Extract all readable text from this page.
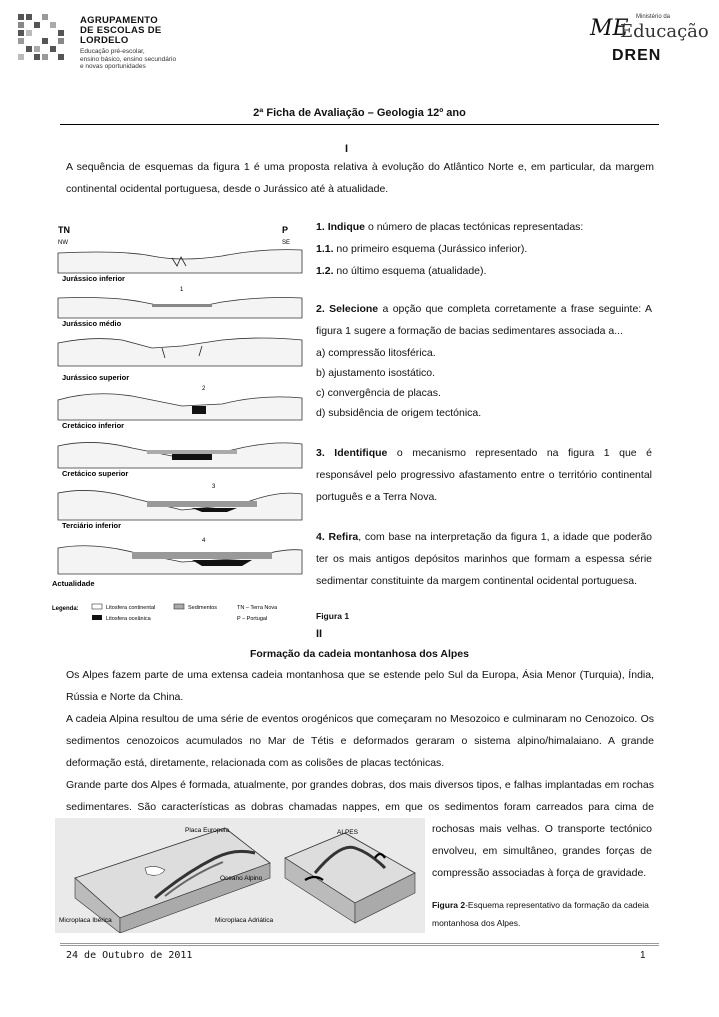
AGRUPAMENTO
DE ESCOLAS DE
LORDELO
Educação pré-escolar,
ensino básico, ensino secundário
e novas oportunidades
ME Ministério da
Educação
DREN
2ª Ficha de Avaliação – Geologia 12º ano
I
A sequência de esquemas da figura 1 é uma proposta relativa à evolução do Atlântico Norte e, em particular, da margem continental ocidental portuguesa, desde o Jurássico até à atualidade.
TN
NW
P
SE
Jurássico inferior
1
Jurássico médio
Jurássico superior
2
Cretácico inferior
Cretácico superior
3
Terciário inferior
4
Actualidade
Legenda:	Litosfera continental
Litosfera oceânica
Sedimentos	TN – Terra Nova
P – Portugal
1. Indique o número de placas tectónicas representadas:
1.1. no primeiro esquema (Jurássico inferior).
1.2. no último esquema (atualidade).
2. Selecione a opção que completa corretamente a frase seguinte: A figura 1 sugere a formação de bacias sedimentares associada a...
a) compressão litosférica.
b) ajustamento isostático.
c) convergência de placas.
d) subsidência de origem tectónica.
3. Identifique o mecanismo representado na figura 1 que é responsável pelo progressivo afastamento entre o território continental português e a Terra Nova.
4. Refira, com base na interpretação da figura 1, a idade que poderão ter os mais antigos depósitos marinhos que formam a espessa série sedimentar constituinte da margem continental ocidental portuguesa.
Figura 1
II
Formação da cadeia montanhosa dos Alpes
Os Alpes fazem parte de uma extensa cadeia montanhosa que se estende pelo Sul da Europa, Ásia Menor (Turquia), Índia, Rússia e Norte da China.
A cadeia Alpina resultou de uma série de eventos orogénicos que começaram no Mesozoico e culminaram no Cenozoico. Os sedimentos cenozoicos acumulados no Mar de Tétis e deformados geraram o sistema alpino/himalaiano. A grande deformação está, diretamente, relacionada com as colisões de placas tectónicas.
Grande parte dos Alpes é formada, atualmente, por grandes dobras, dos mais diversos tipos, e falhas implantadas em rochas sedimentares. São características as dobras chamadas nappes, em que os sedimentos foram carreados para cima de
rochosas mais velhas. O transporte tectónico envolveu, em simultâneo, grandes forças de compressão associadas à força de gravidade.
Placa Europeia
Oceano Alpino
Microplaca Ibérica	Microplaca Adriática
ALPES
Figura 2-Esquema representativo da formação da cadeia montanhosa dos Alpes.
24 de Outubro de 2011	1
